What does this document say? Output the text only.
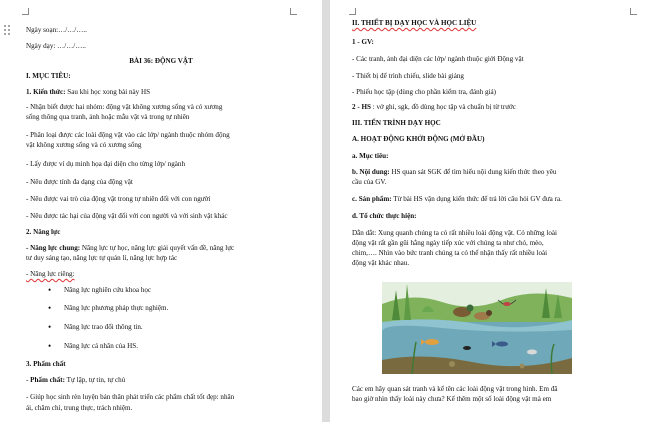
Ngày soạn:…/…/…..
Ngày dạy: …/…/…..
BÀI 36: ĐỘNG VẬT
I. MỤC TIÊU:
1. Kiến thức: Sau khi học xong bài này HS
- Nhận biết được hai nhóm: động vật không xương sống và có xương
sống thông qua tranh, ảnh hoặc mẫu vật và trong tự nhiên
- Phân loại được các loài động vật vào các lớp/ ngành thuộc nhóm động
vật không xương sống và có xương sống
- Lấy được ví dụ minh họa đại diện cho từng lớp/ ngành
- Nêu được tính đa dạng của động vật
- Nêu được vai trò của động vật trong tự nhiên đối với con người
- Nêu được tác hại của động vật đối với con người và với sinh vật khác
2. Năng lực
- Năng lực chung: Năng lực tự học, năng lực giải quyết vấn đề, năng lực
tư duy sáng tạo, năng lực tự quản lí, năng lực hợp tác
- Năng lực riêng:
• Năng lực nghiên cứu khoa học
• Năng lực phương pháp thực nghiệm.
• Năng lực trao đổi thông tin.
• Năng lực cá nhân của HS.
3. Phẩm chất
- Phẩm chất: Tự lập, tự tin, tự chủ
- Giúp học sinh rèn luyện bản thân phát triển các phẩm chất tốt đẹp: nhân
ái, chăm chỉ, trung thực, trách nhiệm.
II. THIẾT BỊ DẠY HỌC VÀ HỌC LIỆU
1 - GV:
- Các tranh, ảnh đại diện các lớp/ ngành thuộc giới Động vật
- Thiết bị để trình chiếu, slide bài giảng
- Phiếu học tập (dùng cho phần kiểm tra, đánh giá)
2 - HS : vở ghi, sgk, đồ dùng học tập và chuẩn bị từ trước
III. TIẾN TRÌNH DẠY HỌC
A. HOẠT ĐỘNG KHỞI ĐỘNG (MỞ ĐẦU)
a. Mục tiêu:
b. Nội dung: HS quan sát SGK để tìm hiểu nội dung kiến thức theo yêu
cầu của GV.
c. Sản phẩm: Từ bài HS vận dụng kiến thức để trả lời câu hỏi GV đưa ra.
d. Tổ chức thực hiện:
Dẫn dắt: Xung quanh chúng ta có rất nhiều loài động vật. Có những loài
động vật rất gần gũi hằng ngày tiếp xúc với chúng ta như chó, mèo,
chim,…. Nhìn vào bức tranh chúng ta có thể nhận thấy rất nhiều loài
động vật khác nhau.
Các em hãy quan sát tranh và kể tên các loài động vật trong hình. Em đã
bao giờ nhìn thấy loài này chưa? Kể thêm một số loài động vật mà em
